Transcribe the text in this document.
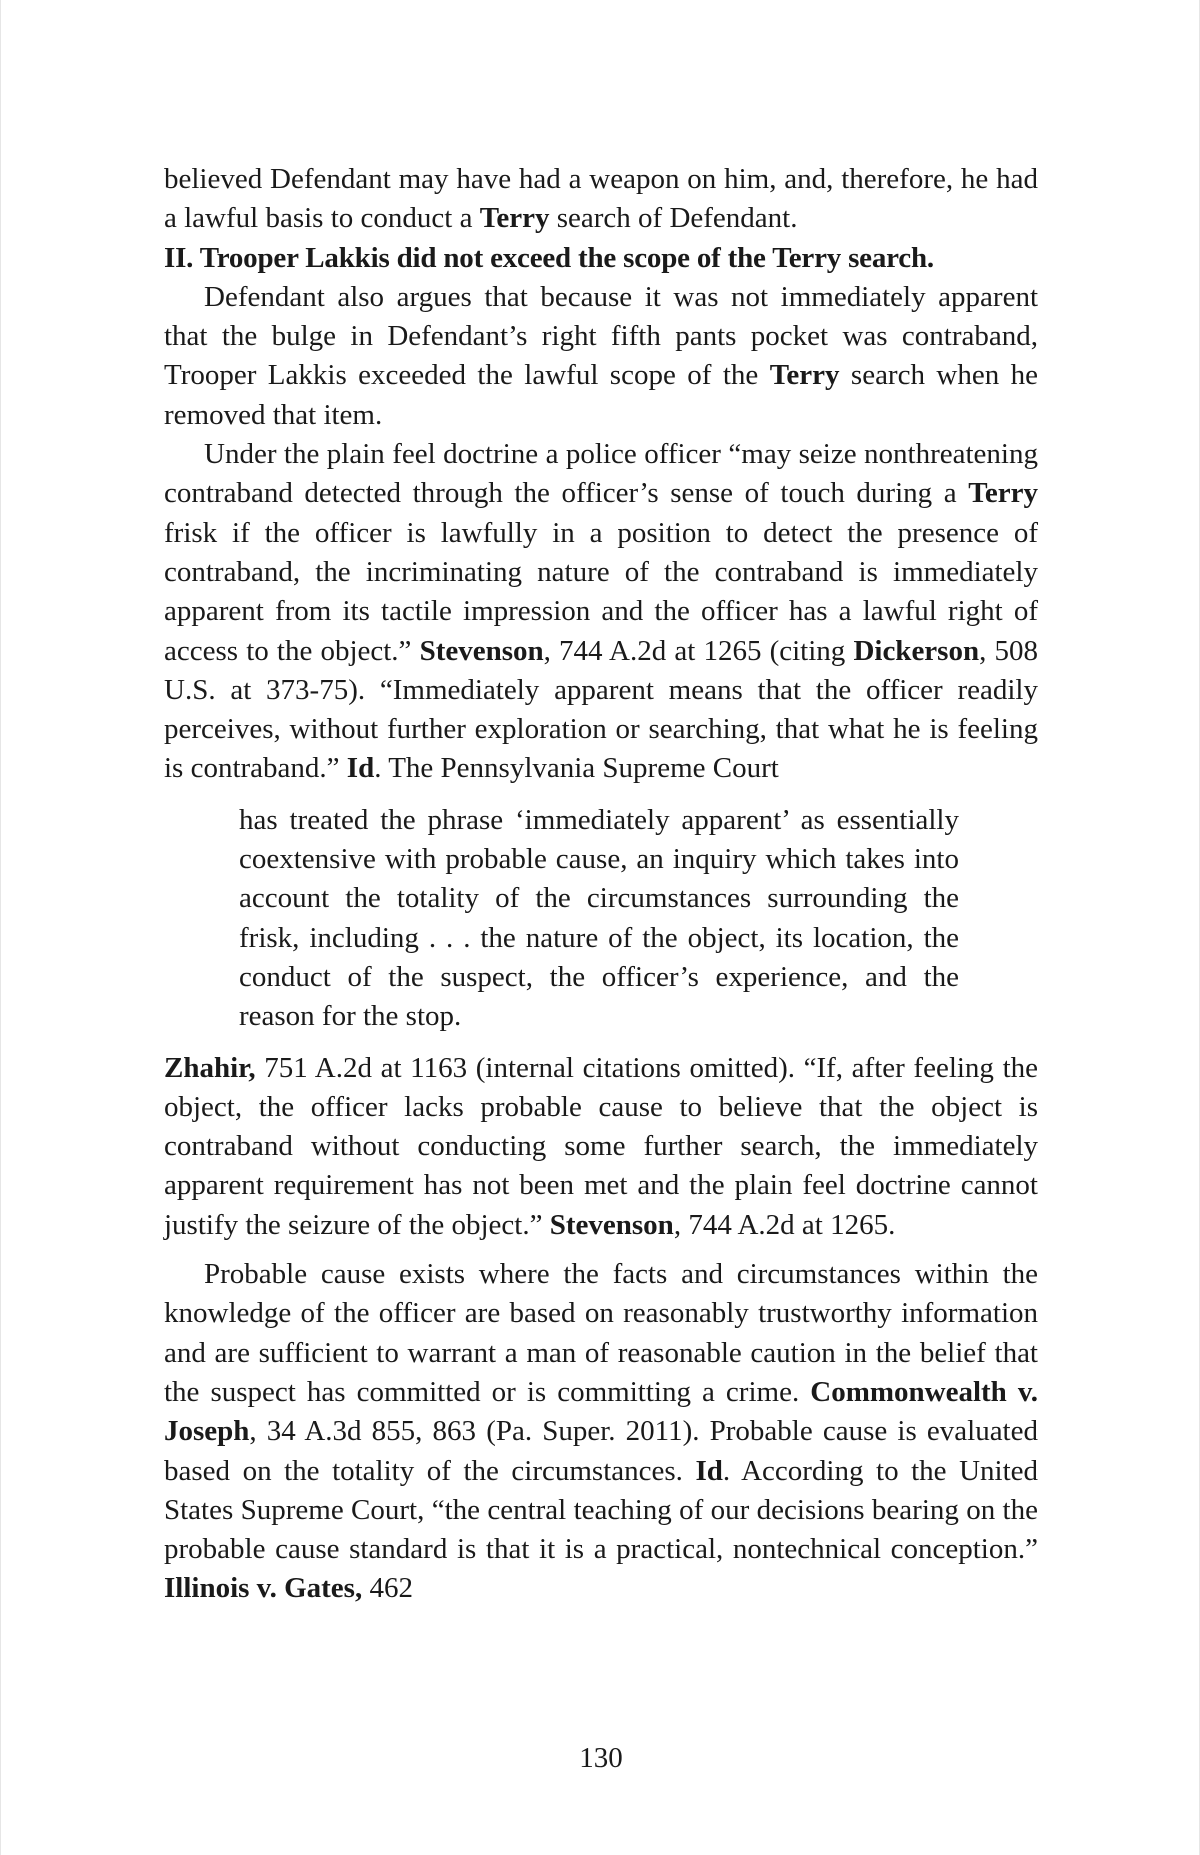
believed Defendant may have had a weapon on him, and, therefore, he had a lawful basis to conduct a Terry search of Defendant.

II. Trooper Lakkis did not exceed the scope of the Terry search.

Defendant also argues that because it was not immediately apparent that the bulge in Defendant’s right fifth pants pocket was contraband, Trooper Lakkis exceeded the lawful scope of the Terry search when he removed that item.

Under the plain feel doctrine a police officer “may seize nonthreatening contraband detected through the officer’s sense of touch during a Terry frisk if the officer is lawfully in a position to detect the presence of contraband, the incriminating nature of the contraband is immediately apparent from its tactile impression and the officer has a lawful right of access to the object.” Stevenson, 744 A.2d at 1265 (citing Dickerson, 508 U.S. at 373-75). “Immediately apparent means that the officer readily perceives, without further exploration or searching, that what he is feeling is contraband.” Id. The Pennsylvania Supreme Court

has treated the phrase ‘immediately apparent’ as essentially coextensive with probable cause, an inquiry which takes into account the totality of the circumstances surrounding the frisk, including . . . the nature of the object, its location, the conduct of the suspect, the officer’s experience, and the reason for the stop.

Zhahir, 751 A.2d at 1163 (internal citations omitted). “If, after feeling the object, the officer lacks probable cause to believe that the object is contraband without conducting some further search, the immediately apparent requirement has not been met and the plain feel doctrine cannot justify the seizure of the object.” Stevenson, 744 A.2d at 1265.

Probable cause exists where the facts and circumstances within the knowledge of the officer are based on reasonably trustworthy information and are sufficient to warrant a man of reasonable caution in the belief that the suspect has committed or is committing a crime. Commonwealth v. Joseph, 34 A.3d 855, 863 (Pa. Super. 2011). Probable cause is evaluated based on the totality of the circumstances. Id. According to the United States Supreme Court, “the central teaching of our decisions bearing on the probable cause standard is that it is a practical, nontechnical conception.” Illinois v. Gates, 462

130
